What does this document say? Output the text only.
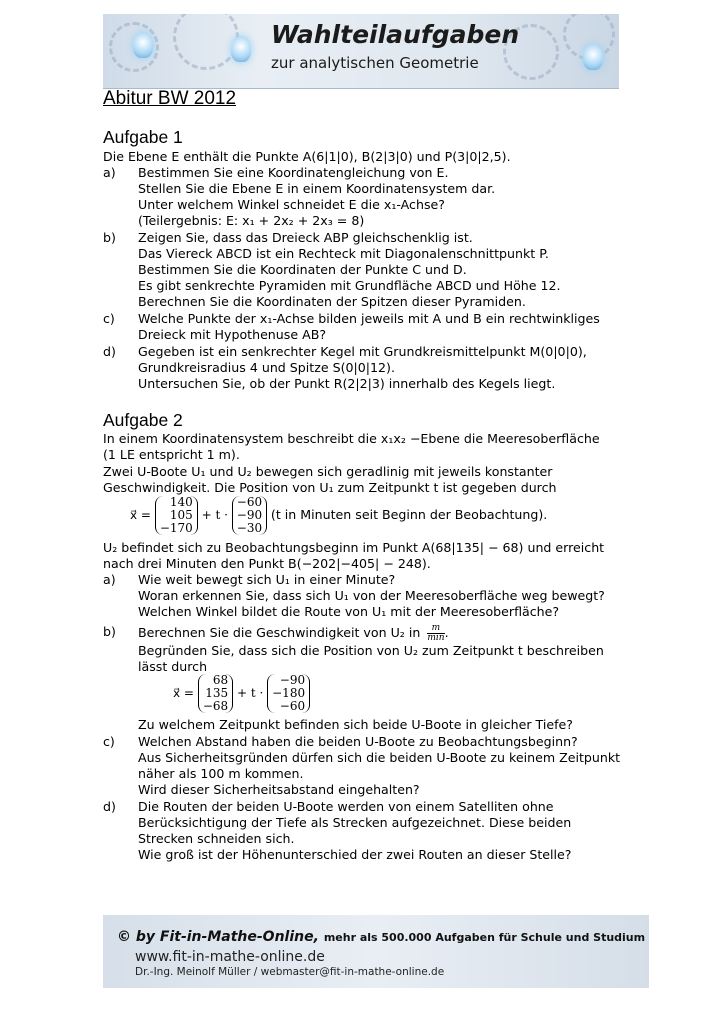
Wahlteilaufgaben
zur analytischen Geometrie
Abitur BW 2012
Aufgabe 1
Die Ebene E enthält die Punkte A(6|1|0), B(2|3|0) und P(3|0|2,5).
a) Bestimmen Sie eine Koordinatengleichung von E.
Stellen Sie die Ebene E in einem Koordinatensystem dar.
Unter welchem Winkel schneidet E die x₁-Achse?
(Teilergebnis: E: x₁ + 2x₂ + 2x₃ = 8)
b) Zeigen Sie, dass das Dreieck ABP gleichschenklig ist.
Das Viereck ABCD ist ein Rechteck mit Diagonalenschnittpunkt P.
Bestimmen Sie die Koordinaten der Punkte C und D.
Es gibt senkrechte Pyramiden mit Grundfläche ABCD und Höhe 12.
Berechnen Sie die Koordinaten der Spitzen dieser Pyramiden.
c) Welche Punkte der x₁-Achse bilden jeweils mit A und B ein rechtwinkliges
Dreieck mit Hypothenuse AB?
d) Gegeben ist ein senkrechter Kegel mit Grundkreismittelpunkt M(0|0|0),
Grundkreisradius 4 und Spitze S(0|0|12).
Untersuchen Sie, ob der Punkt R(2|2|3) innerhalb des Kegels liegt.
Aufgabe 2
In einem Koordinatensystem beschreibt die x₁x₂ −Ebene die Meeresoberfläche
(1 LE entspricht 1 m).
Zwei U-Boote U₁ und U₂ bewegen sich geradlinig mit jeweils konstanter
Geschwindigkeit. Die Position von U₁ zum Zeitpunkt t ist gegeben durch
x⃗ =
140
105
−170
+ t ·
−60
−90
−30
(t in Minuten seit Beginn der Beobachtung).
U₂ befindet sich zu Beobachtungsbeginn im Punkt A(68|135| − 68) und erreicht
nach drei Minuten den Punkt B(−202|−405| − 248).
a) Wie weit bewegt sich U₁ in einer Minute?
Woran erkennen Sie, dass sich U₁ von der Meeresoberfläche weg bewegt?
Welchen Winkel bildet die Route von U₁ mit der Meeresoberfläche?
b) Berechnen Sie die Geschwindigkeit von U₂ in	m
min .
Begründen Sie, dass sich die Position von U₂ zum Zeitpunkt t beschreiben
lässt durch
x⃗ =
68
135
−68
+ t ·
−90
−180
−60
Zu welchem Zeitpunkt befinden sich beide U-Boote in gleicher Tiefe?
c) Welchen Abstand haben die beiden U-Boote zu Beobachtungsbeginn?
Aus Sicherheitsgründen dürfen sich die beiden U-Boote zu keinem Zeitpunkt
näher als 100 m kommen.
Wird dieser Sicherheitsabstand eingehalten?
d) Die Routen der beiden U-Boote werden von einem Satelliten ohne
Berücksichtigung der Tiefe als Strecken aufgezeichnet. Diese beiden
Strecken schneiden sich.
Wie groß ist der Höhenunterschied der zwei Routen an dieser Stelle?
© by Fit-in-Mathe-Online, mehr als 500.000 Aufgaben für Schule und Studium
www.fit-in-mathe-online.de
Dr.-Ing. Meinolf Müller / webmaster@fit-in-mathe-online.de
